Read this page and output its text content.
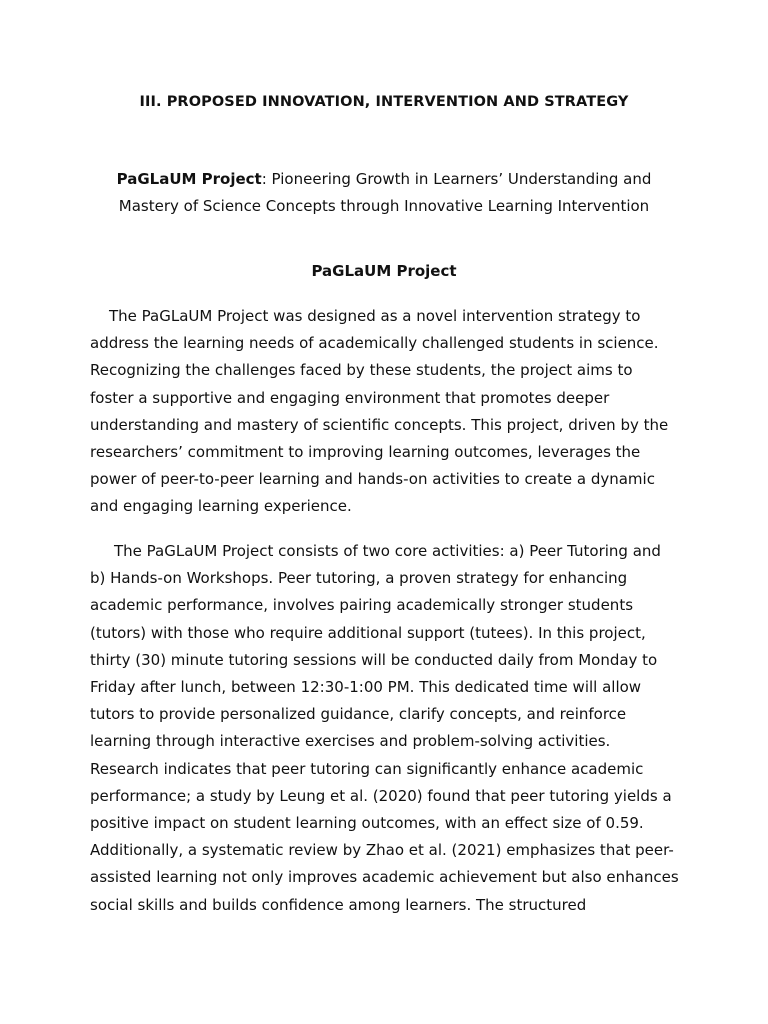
III. PROPOSED INNOVATION, INTERVENTION AND STRATEGY

PaGLaUM Project: Pioneering Growth in Learners’ Understanding and Mastery of Science Concepts through Innovative Learning Intervention

PaGLaUM Project

The PaGLaUM Project was designed as a novel intervention strategy to address the learning needs of academically challenged students in science. Recognizing the challenges faced by these students, the project aims to foster a supportive and engaging environment that promotes deeper understanding and mastery of scientific concepts. This project, driven by the researchers’ commitment to improving learning outcomes, leverages the power of peer-to-peer learning and hands-on activities to create a dynamic and engaging learning experience.

The PaGLaUM Project consists of two core activities: a) Peer Tutoring and b) Hands-on Workshops. Peer tutoring, a proven strategy for enhancing academic performance, involves pairing academically stronger students (tutors) with those who require additional support (tutees). In this project, thirty (30) minute tutoring sessions will be conducted daily from Monday to Friday after lunch, between 12:30-1:00 PM. This dedicated time will allow tutors to provide personalized guidance, clarify concepts, and reinforce learning through interactive exercises and problem-solving activities. Research indicates that peer tutoring can significantly enhance academic performance; a study by Leung et al. (2020) found that peer tutoring yields a positive impact on student learning outcomes, with an effect size of 0.59. Additionally, a systematic review by Zhao et al. (2021) emphasizes that peer-assisted learning not only improves academic achievement but also enhances social skills and builds confidence among learners. The structured
